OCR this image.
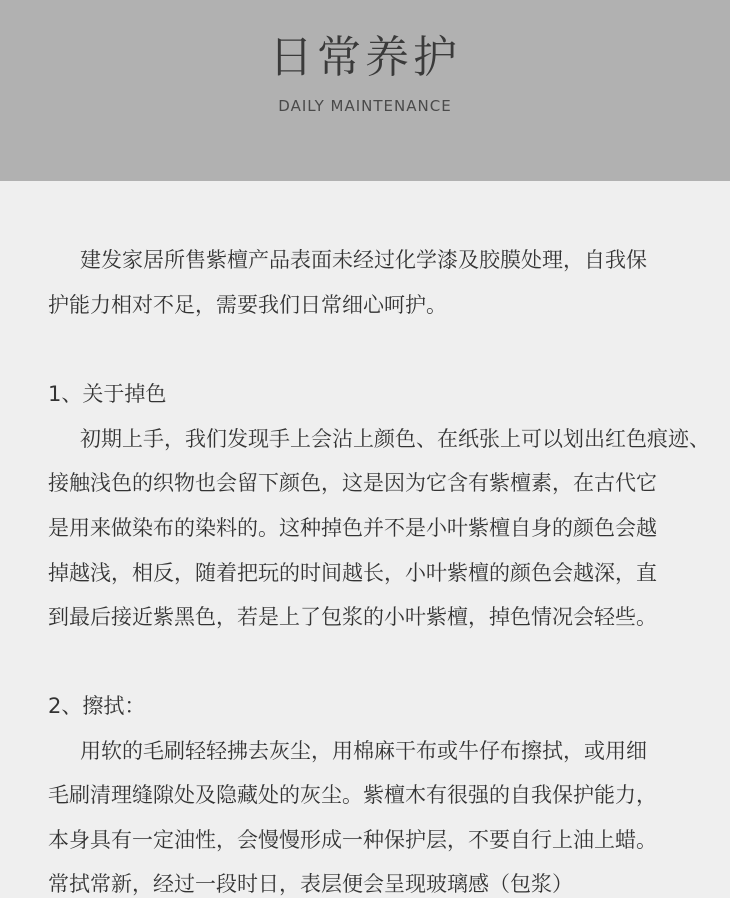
日常养护
DAILY MAINTENANCE
建发家居所售紫檀产品表面未经过化学漆及胶膜处理，自我保
护能力相对不足，需要我们日常细心呵护。
1、关于掉色
初期上手，我们发现手上会沾上颜色、在纸张上可以划出红色痕迹、
接触浅色的织物也会留下颜色，这是因为它含有紫檀素，在古代它
是用来做染布的染料的。这种掉色并不是小叶紫檀自身的颜色会越
掉越浅，相反，随着把玩的时间越长，小叶紫檀的颜色会越深，直
到最后接近紫黑色，若是上了包浆的小叶紫檀，掉色情况会轻些。
2、擦拭：
用软的毛刷轻轻拂去灰尘，用棉麻干布或牛仔布擦拭，或用细
毛刷清理缝隙处及隐藏处的灰尘。紫檀木有很强的自我保护能力，
本身具有一定油性，会慢慢形成一种保护层，不要自行上油上蜡。
常拭常新，经过一段时日，表层便会呈现玻璃感（包浆）
